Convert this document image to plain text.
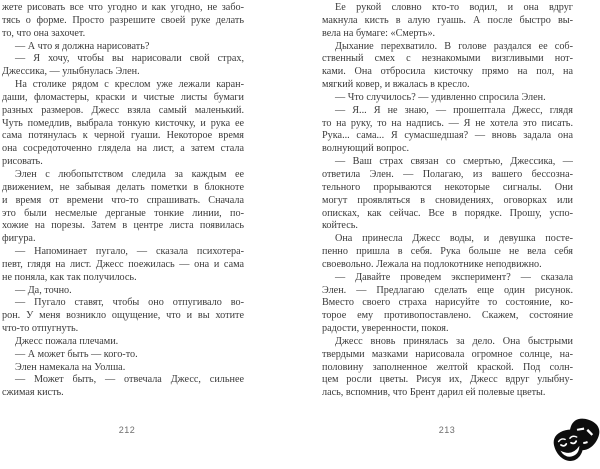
жете рисовать все что угодно и как угодно, не забо-
тясь о форме. Просто разрешите своей руке делать
то, что она захочет.
— А что я должна нарисовать?
— Я хочу, чтобы вы нарисовали свой страх,
Джессика, — улыбнулась Элен.
На столике рядом с креслом уже лежали каран-
даши, фломастеры, краски и чистые листы бумаги
разных размеров. Джесс взяла самый маленький.
Чуть помедлив, выбрала тонкую кисточку, и рука ее
сама потянулась к черной гуаши. Некоторое время
она сосредоточенно глядела на лист, а затем стала
рисовать.
Элен с любопытством следила за каждым ее
движением, не забывая делать пометки в блокноте
и время от времени что-то спрашивать. Сначала
это были несмелые дерганые тонкие линии, по-
хожие на порезы. Затем в центре листа появилась
фигура.
— Напоминает пугало, — сказала психотера-
певт, глядя на лист. Джесс поежилась — она и сама
не поняла, как так получилось.
— Да, точно.
— Пугало ставят, чтобы оно отпугивало во-
рон. У меня возникло ощущение, что и вы хотите
что-то отпугнуть.
Джесс пожала плечами.
— А может быть — кого-то.
Элен намекала на Уолша.
— Может быть, — отвечала Джесс, сильнее
сжимая кисть.
Ее рукой словно кто-то водил, и она вдруг
макнула кисть в алую гуашь. А после быстро вы-
вела на бумаге: «Смерть».
Дыхание перехватило. В голове раздался ее соб-
ственный смех с незнакомыми визгливыми нот-
ками. Она отбросила кисточку прямо на пол, на
мягкий ковер, и вжалась в кресло.
— Что случилось? — удивленно спросила Элен.
— Я... Я не знаю, — прошептала Джесс, глядя
то на руку, то на надпись. — Я не хотела это писать.
Рука... сама... Я сумасшедшая? — вновь задала она
волнующий вопрос.
— Ваш страх связан со смертью, Джессика, —
ответила Элен. — Полагаю, из вашего бессозна-
тельного прорываются некоторые сигналы. Они
могут проявляться в сновидениях, оговорках или
описках, как сейчас. Все в порядке. Прошу, успо-
койтесь.
Она принесла Джесс воды, и девушка посте-
пенно пришла в себя. Рука больше не вела себя
своевольно. Лежала на подлокотнике неподвижно.
— Давайте проведем эксперимент? — сказала
Элен. — Предлагаю сделать еще один рисунок.
Вместо своего страха нарисуйте то состояние, ко-
торое ему противопоставлено. Скажем, состояние
радости, уверенности, покоя.
Джесс вновь принялась за дело. Она быстрыми
твердыми мазками нарисовала огромное солнце, на-
половину заполненное желтой краской. Под солн-
цем росли цветы. Рисуя их, Джесс вдруг улыбну-
лась, вспомнив, что Брент дарил ей полевые цветы.
212	213
